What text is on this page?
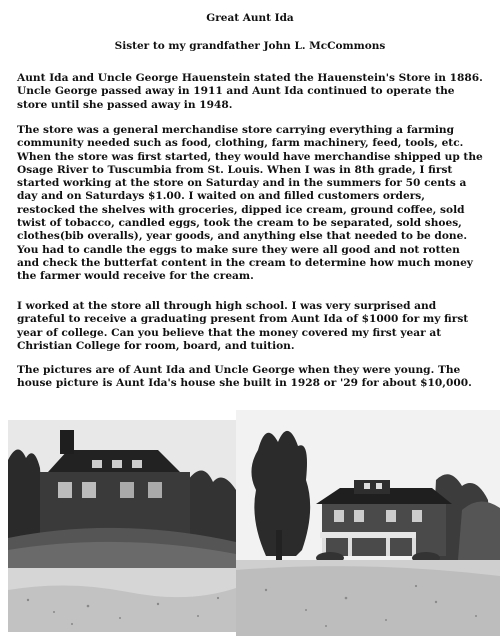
Great Aunt Ida
Sister to my grandfather John L. McCommons

Aunt Ida and Uncle George Hauenstein stated the Hauenstein's Store in 1886. Uncle George passed away in 1911 and Aunt Ida continued to operate the store until she passed away in 1948.

The store was a general merchandise store carrying everything a farming community needed such as food, clothing, farm machinery, feed, tools, etc. When the store was first started, they would have merchandise shipped up the Osage River to Tuscumbia from St. Louis. When I was in 8th grade, I first started working at the store on Saturday and in the summers for 50 cents a day and on Saturdays $1.00. I waited on and filled customers orders, restocked the shelves with groceries, dipped ice cream, ground coffee, sold twist of tobacco, candled eggs, took the cream to be separated, sold shoes, clothes(bib overalls), year goods, and anything else that needed to be done. You had to candle the eggs to make sure they were all good and not rotten and check the butterfat content in the cream to determine how much money the farmer would receive for the cream.

I worked at the store all through high school. I was very surprised and grateful to receive a graduating present from Aunt Ida of $1000 for my first year of college. Can you believe that the money covered my first year at Christian College for room, board, and tuition.

The pictures are of Aunt Ida and Uncle George when they were young. The house picture is Aunt Ida's house she built in 1928 or '29 for about $10,000.
